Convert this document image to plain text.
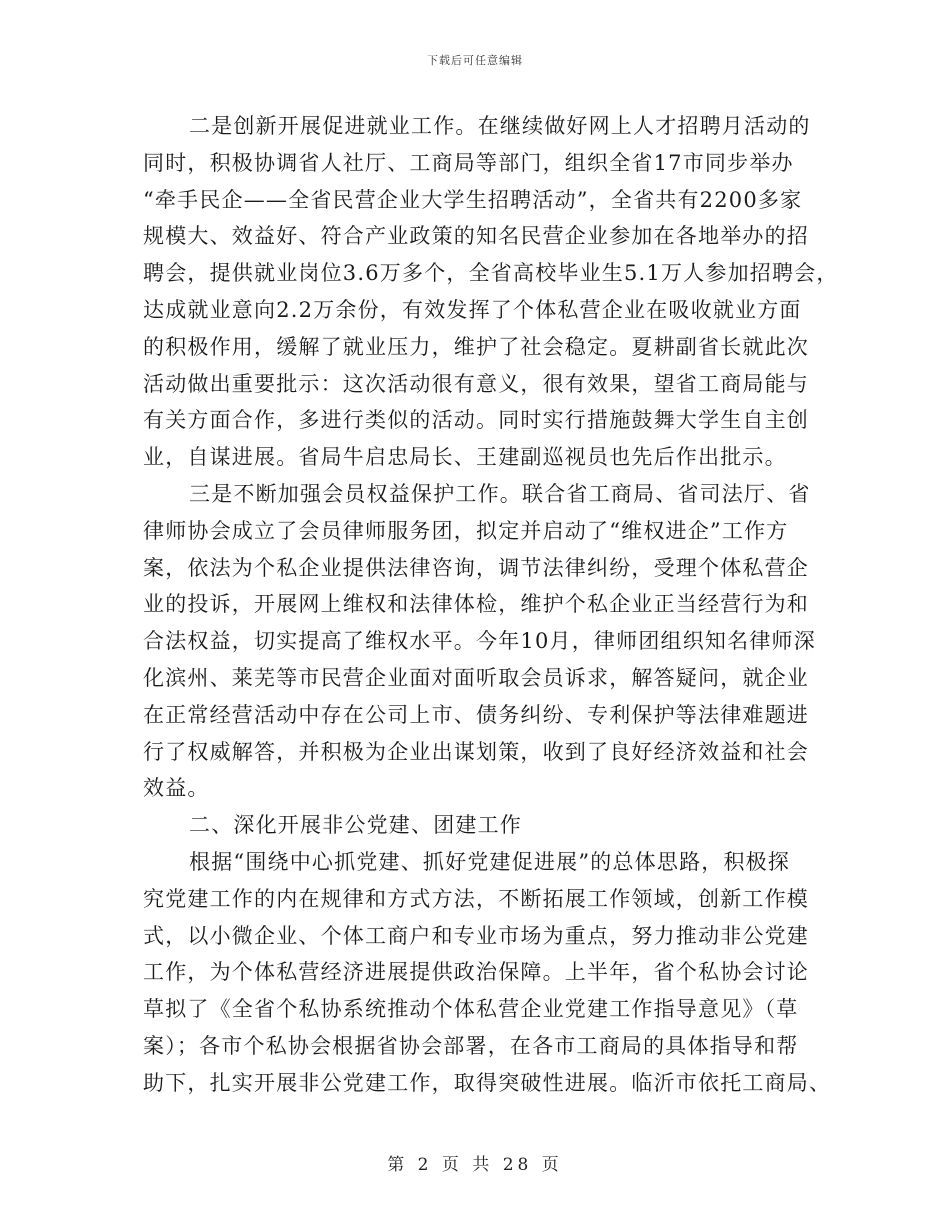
下载后可任意编辑
二是创新开展促进就业工作。在继续做好网上人才招聘月活动的
同时，积极协调省人社厅、工商局等部门，组织全省17市同步举办
“牵手民企——全省民营企业大学生招聘活动”，全省共有2200多家
规模大、效益好、符合产业政策的知名民营企业参加在各地举办的招
聘会，提供就业岗位3.6万多个，全省高校毕业生5.1万人参加招聘会，
达成就业意向2.2万余份，有效发挥了个体私营企业在吸收就业方面
的积极作用，缓解了就业压力，维护了社会稳定。夏耕副省长就此次
活动做出重要批示：这次活动很有意义，很有效果，望省工商局能与
有关方面合作，多进行类似的活动。同时实行措施鼓舞大学生自主创
业，自谋进展。省局牛启忠局长、王建副巡视员也先后作出批示。
三是不断加强会员权益保护工作。联合省工商局、省司法厅、省
律师协会成立了会员律师服务团，拟定并启动了“维权进企”工作方
案，依法为个私企业提供法律咨询，调节法律纠纷，受理个体私营企
业的投诉，开展网上维权和法律体检，维护个私企业正当经营行为和
合法权益，切实提高了维权水平。今年10月，律师团组织知名律师深
化滨州、莱芜等市民营企业面对面听取会员诉求，解答疑问，就企业
在正常经营活动中存在公司上市、债务纠纷、专利保护等法律难题进
行了权威解答，并积极为企业出谋划策，收到了良好经济效益和社会
效益。
二、深化开展非公党建、团建工作
根据“围绕中心抓党建、抓好党建促进展”的总体思路，积极探
究党建工作的内在规律和方式方法，不断拓展工作领域，创新工作模
式，以小微企业、个体工商户和专业市场为重点，努力推动非公党建
工作，为个体私营经济进展提供政治保障。上半年，省个私协会讨论
草拟了《全省个私协系统推动个体私营企业党建工作指导意见》（草
案）；各市个私协会根据省协会部署，在各市工商局的具体指导和帮
助下，扎实开展非公党建工作，取得突破性进展。临沂市依托工商局、
第 2 页 共 28 页
